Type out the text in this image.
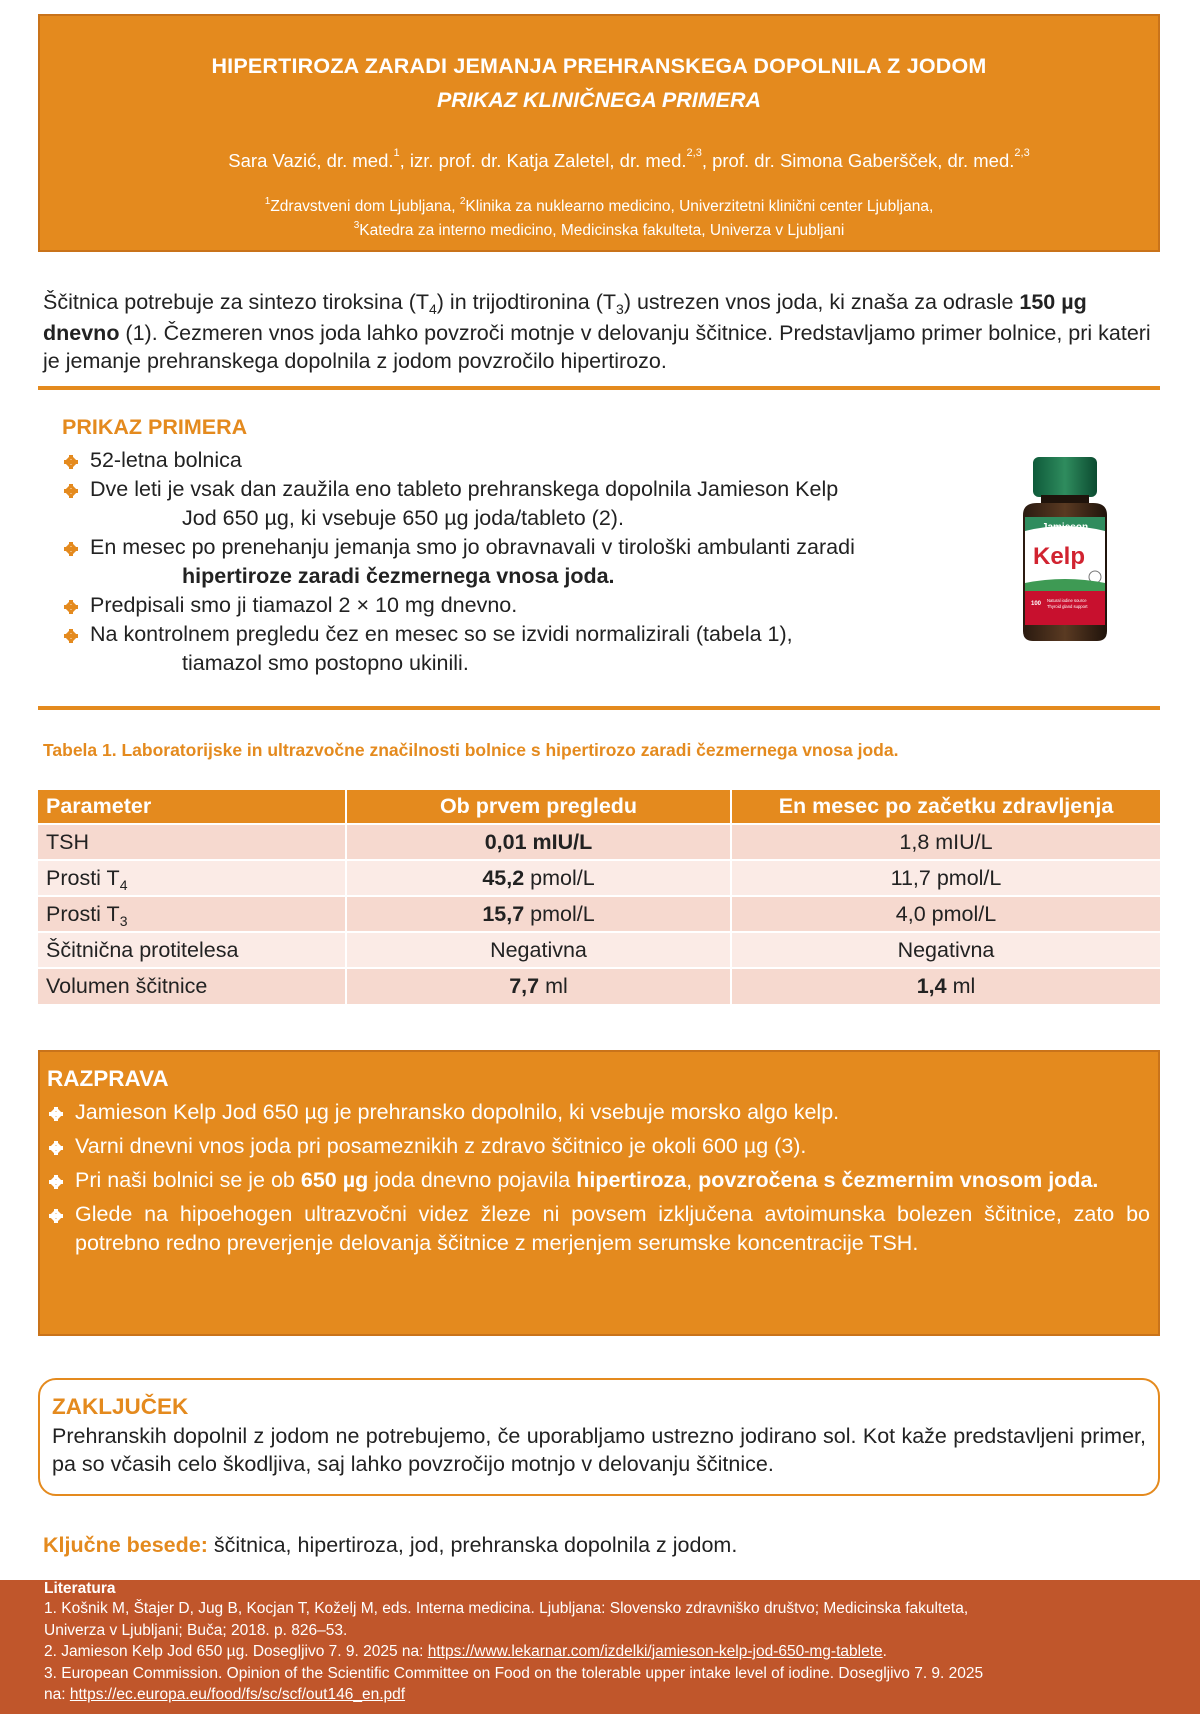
HIPERTIROZA ZARADI JEMANJA PREHRANSKEGA DOPOLNILA Z JODOM
PRIKAZ KLINIČNEGA PRIMERA
Sara Vazić, dr. med.$^1$, izr. prof. dr. Katja Zaletel, dr. med.$^{2,3}$, prof. dr. Simona Gaberšček, dr. med.$^{2,3}$
$^1$Zdravstveni dom Ljubljana, $^2$Klinika za nuklearno medicino, Univerzitetni klinični center Ljubljana,
$^3$Katedra za interno medicino, Medicinska fakulteta, Univerza v Ljubljani
Ščitnica potrebuje za sintezo tiroksina $(T_4)$ in trijodtironina $(T_3)$ ustrezen vnos joda, ki znaša za odrasle 150 µg
dnevno (1). Čezmeren vnos joda lahko povzroči motnje v delovanju ščitnice. Predstavljamo primer bolnice, pri kateri je jemanje prehranskega dopolnila z jodom povzročilo hipertirozo.
PRIKAZ PRIMERA
52-letna bolnica
Dve leti je vsak dan zaužila eno tableto prehranskega dopolnila Jamieson Kelp
Jod 650 µg, ki vsebuje 650 µg joda/tableto (2).
En mesec po prenehanju jemanja smo jo obravnavali v tirološki ambulanti zaradi
hipertiroze zaradi čezmernega vnosa joda.
Predpisali smo ji tiamazol 2 × 10 mg dnevno.
Na kontrolnem pregledu čez en mesec so se izvidi normalizirali (tabela 1),
tiamazol smo postopno ukinili.
Jamieson
Kelp
100
Natural iodine source
Thyroid gland support
Tabela 1. Laboratorijske in ultrazvočne značilnosti bolnice s hipertirozo zaradi čezmernega vnosa joda.
Parameter	Ob prvem pregledu	En mesec po začetku zdravljenja
TSH	0,01 mIU/L	1,8 mIU/L
Prosti $T_4$	45,2 pmol/L	11,7 pmol/L
Prosti $T_3$	15,7 pmol/L	4,0 pmol/L
Ščitnična protitelesa	Negativna	Negativna
Volumen ščitnice	7,7 ml	1,4 ml
RAZPRAVA
Jamieson Kelp Jod 650 µg je prehransko dopolnilo, ki vsebuje morsko algo kelp.
Varni dnevni vnos joda pri posameznikih z zdravo ščitnico je okoli 600 µg (3).
Pri naši bolnici se je ob 650 µg joda dnevno pojavila hipertiroza, povzročena s čezmernim vnosom joda.
Glede na hipoehogen ultrazvočni videz žleze ni povsem izključena avtoimunska bolezen ščitnice, zato bo potrebno redno preverjenje delovanja ščitnice z merjenjem serumske koncentracije TSH.
ZAKLJUČEK
Prehranskih dopolnil z jodom ne potrebujemo, če uporabljamo ustrezno jodirano sol. Kot kaže predstavljeni primer, pa so včasih celo škodljiva, saj lahko povzročijo motnjo v delovanju ščitnice.
Ključne besede: ščitnica, hipertiroza, jod, prehranska dopolnila z jodom.
Literatura
1. Košnik M, Štajer D, Jug B, Kocjan T, Koželj M, eds. Interna medicina. Ljubljana: Slovensko zdravniško društvo; Medicinska fakulteta,
Univerza v Ljubljani; Buča; 2018. p. 826–53.
2. Jamieson Kelp Jod 650 µg. Dosegljivo 7. 9. 2025 na: https://www.lekarnar.com/izdelki/jamieson-kelp-jod-650-mg-tablete.
3. European Commission. Opinion of the Scientific Committee on Food on the tolerable upper intake level of iodine. Dosegljivo 7. 9. 2025
na: https://ec.europa.eu/food/fs/sc/scf/out146_en.pdf
